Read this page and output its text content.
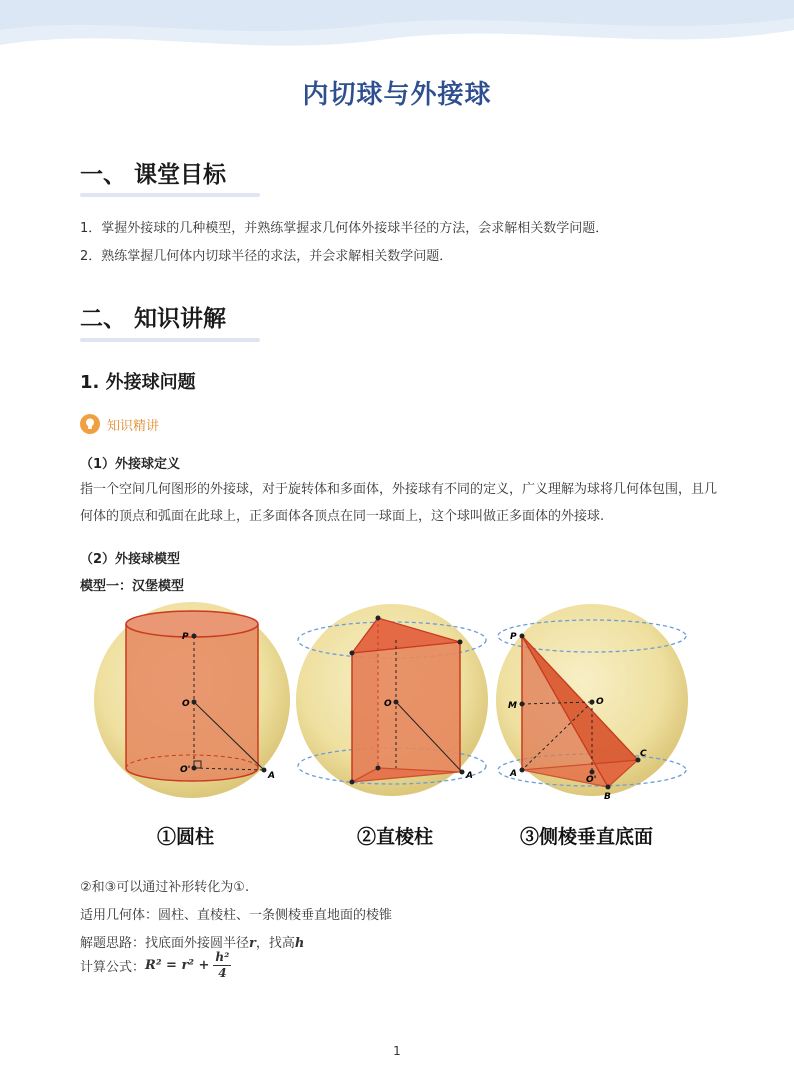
内切球与外接球
一、 课堂目标
1．掌握外接球的几种模型，并熟练掌握求几何体外接球半径的方法，会求解相关数学问题．
2．熟练掌握几何体内切球半径的求法，并会求解相关数学问题．
二、 知识讲解
1. 外接球问题
知识精讲
（1）外接球定义
指一个空间几何图形的外接球，对于旋转体和多面体，外接球有不同的定义，广义理解为球将几何体包围，且几何体的顶点和弧面在此球上，正多面体各顶点在同一球面上，这个球叫做正多面体的外接球.
（2）外接球模型
模型一：汉堡模型
P
O
O'
A
O
A
P
M	O
A
O'
C
B
①圆柱	②直棱柱	③侧棱垂直底面
②和③可以通过补形转化为①.
适用几何体：圆柱、直棱柱、一条侧棱垂直地面的棱锥
解题思路：找底面外接圆半径r，找高h
计算公式： $R^2 = r^2 + \frac{\text{h²}}{4}$
1
